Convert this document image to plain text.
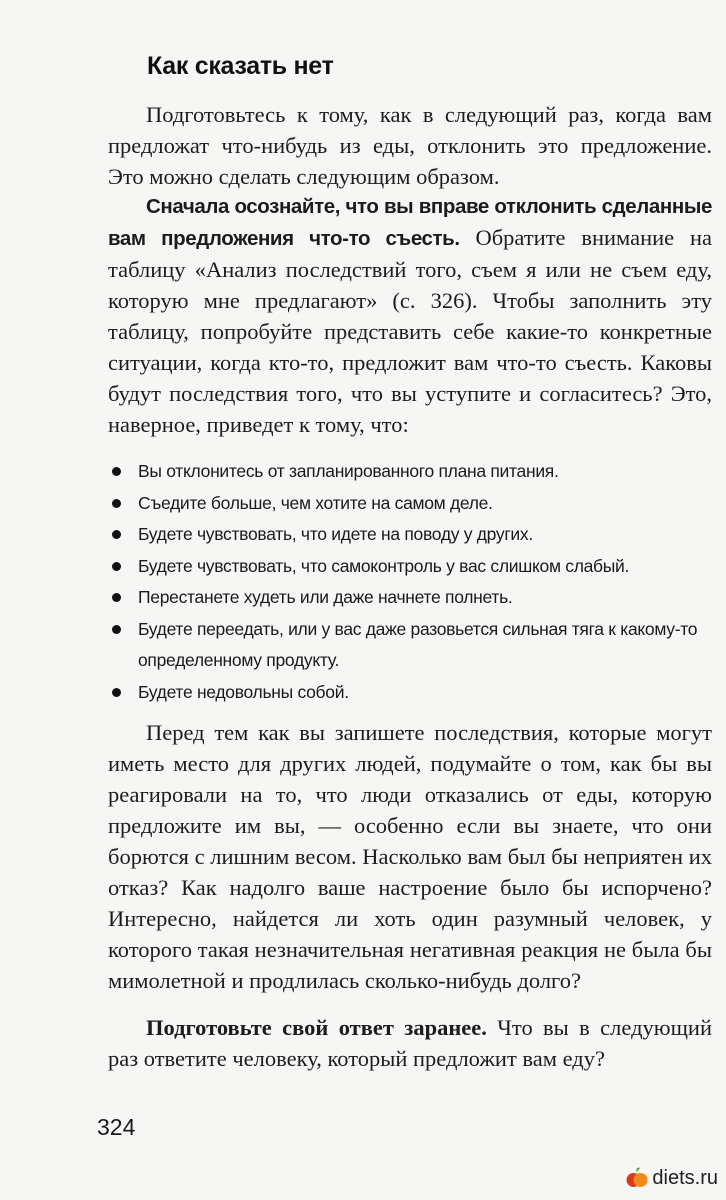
Как сказать нет

Подготовьтесь к тому, как в следующий раз, когда вам предложат что-нибудь из еды, отклонить это предложение. Это можно сделать следующим образом.

Сначала осознайте, что вы вправе отклонить сделанные вам предложения что-то съесть. Обратите внимание на таблицу «Анализ последствий того, съем я или не съем еду, которую мне предлагают» (с. 326). Чтобы заполнить эту таблицу, попробуйте представить себе какие-то конкретные ситуации, когда кто-то, предложит вам что-то съесть. Каковы будут последствия того, что вы уступите и согласитесь? Это, наверное, приведет к тому, что:

Вы отклонитесь от запланированного плана питания.
Съедите больше, чем хотите на самом деле.
Будете чувствовать, что идете на поводу у других.
Будете чувствовать, что самоконтроль у вас слишком слабый.
Перестанете худеть или даже начнете полнеть.
Будете переедать, или у вас даже разовьется сильная тяга к какому-то определенному продукту.
Будете недовольны собой.

Перед тем как вы запишете последствия, которые могут иметь место для других людей, подумайте о том, как бы вы реагировали на то, что люди отказались от еды, которую предложите им вы, — особенно если вы знаете, что они борются с лишним весом. Насколько вам был бы неприятен их отказ? Как надолго ваше настроение было бы испорчено? Интересно, найдется ли хоть один разумный человек, у которого такая незначительная негативная реакция не была бы мимолетной и продлилась сколько-нибудь долго?

Подготовьте свой ответ заранее. Что вы в следующий раз ответите человеку, который предложит вам еду?

324
diets.ru
